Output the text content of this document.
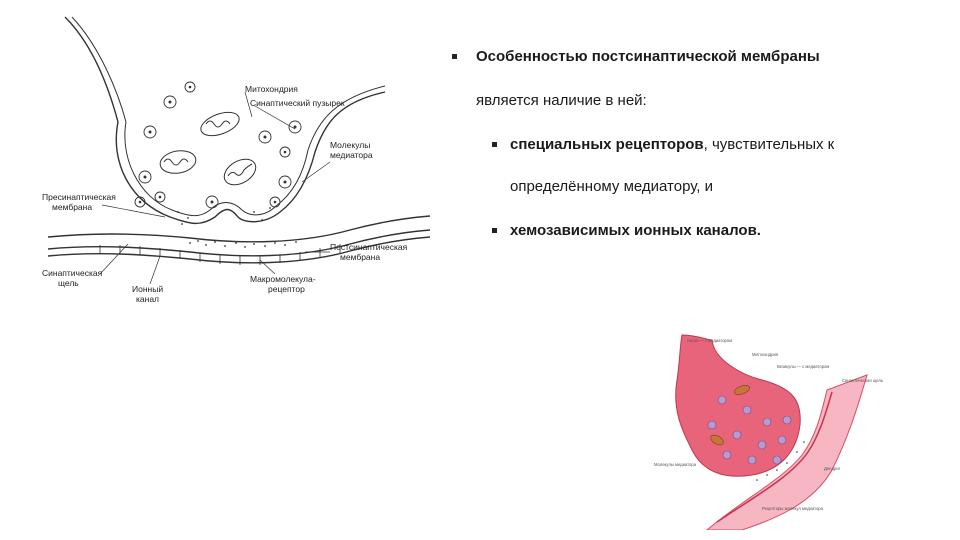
Митохондрия
Синаптический пузырек
Молекулы
медиатора
Пресинаптическая
мембрана
Постсинаптическая
мембрана
Синаптическая
щель
Ионный
канал
Макромолекула-
рецептор
Особенностью постсинаптической мембраны
является наличие в ней:
специальных рецепторов, чувствительных к
определённому медиатору, и
хемозависимых ионных каналов.
Аксон — с медиатором
Митохондрия
Везикулы — с медиатором
Синаптическая щель
Молекулы медиатора
Дендрит
Рецепторы молекул медиатора
